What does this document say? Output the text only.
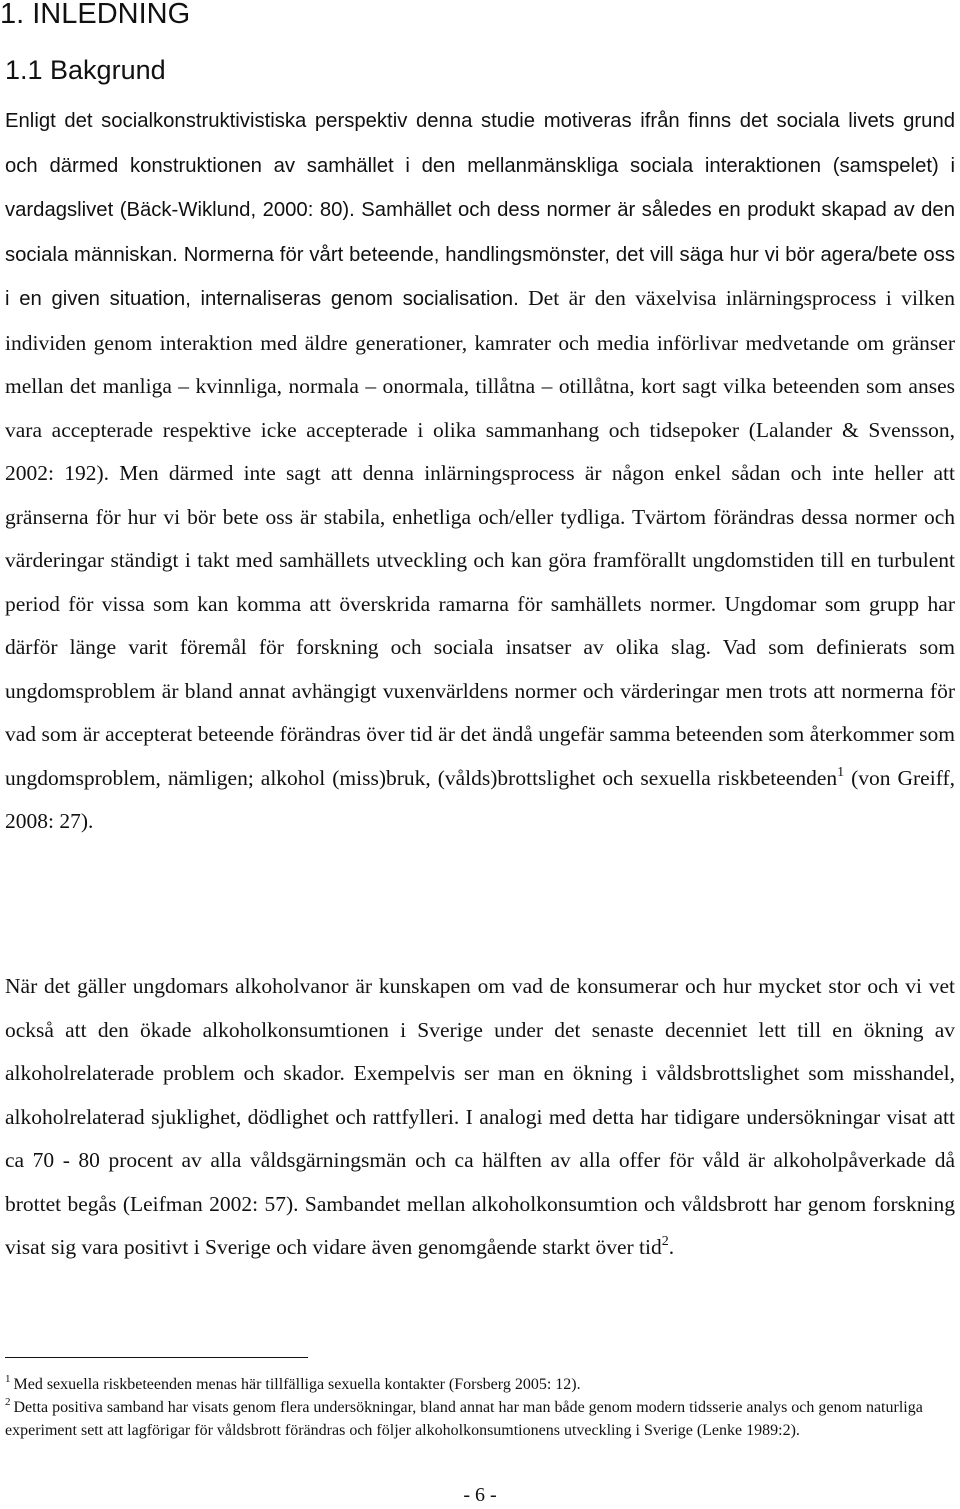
1. INLEDNING
1.1 Bakgrund

Enligt det socialkonstruktivistiska perspektiv denna studie motiveras ifrån finns det sociala livets grund och därmed konstruktionen av samhället i den mellanmänskliga sociala interaktionen (samspelet) i vardagslivet (Bäck-Wiklund, 2000: 80). Samhället och dess normer är således en produkt skapad av den sociala människan. Normerna för vårt beteende, handlingsmönster, det vill säga hur vi bör agera/bete oss i en given situation, internaliseras genom socialisation. Det är den växelvisa inlärningsprocess i vilken individen genom interaktion med äldre generationer, kamrater och media införlivar medvetande om gränser mellan det manliga – kvinnliga, normala – onormala, tillåtna – otillåtna, kort sagt vilka beteenden som anses vara accepterade respektive icke accepterade i olika sammanhang och tidsepoker (Lalander & Svensson, 2002: 192). Men därmed inte sagt att denna inlärningsprocess är någon enkel sådan och inte heller att gränserna för hur vi bör bete oss är stabila, enhetliga och/eller tydliga. Tvärtom förändras dessa normer och värderingar ständigt i takt med samhällets utveckling och kan göra framförallt ungdomstiden till en turbulent period för vissa som kan komma att överskrida ramarna för samhällets normer. Ungdomar som grupp har därför länge varit föremål för forskning och sociala insatser av olika slag. Vad som definierats som ungdomsproblem är bland annat avhängigt vuxenvärldens normer och värderingar men trots att normerna för vad som är accepterat beteende förändras över tid är det ändå ungefär samma beteenden som återkommer som ungdomsproblem, nämligen; alkohol (miss)bruk, (vålds)brottslighet och sexuella riskbeteenden$^1$ (von Greiff, 2008: 27).

När det gäller ungdomars alkoholvanor är kunskapen om vad de konsumerar och hur mycket stor och vi vet också att den ökade alkoholkonsumtionen i Sverige under det senaste decenniet lett till en ökning av alkoholrelaterade problem och skador. Exempelvis ser man en ökning i våldsbrottslighet som misshandel, alkoholrelaterad sjuklighet, dödlighet och rattfylleri. I analogi med detta har tidigare undersökningar visat att ca 70 - 80 procent av alla våldsgärningsmän och ca hälften av alla offer för våld är alkoholpåverkade då brottet begås (Leifman 2002: 57). Sambandet mellan alkoholkonsumtion och våldsbrott har genom forskning visat sig vara positivt i Sverige och vidare även genomgående starkt över tid$^2$.

$^1$ Med sexuella riskbeteenden menas här tillfälliga sexuella kontakter (Forsberg 2005: 12).

$^2$ Detta positiva samband har visats genom flera undersökningar, bland annat har man både genom modern tidsserie analys och genom naturliga experiment sett att lagförigar för våldsbrott förändras och följer alkoholkonsumtionens utveckling i Sverige (Lenke 1989:2).

- 6 -
